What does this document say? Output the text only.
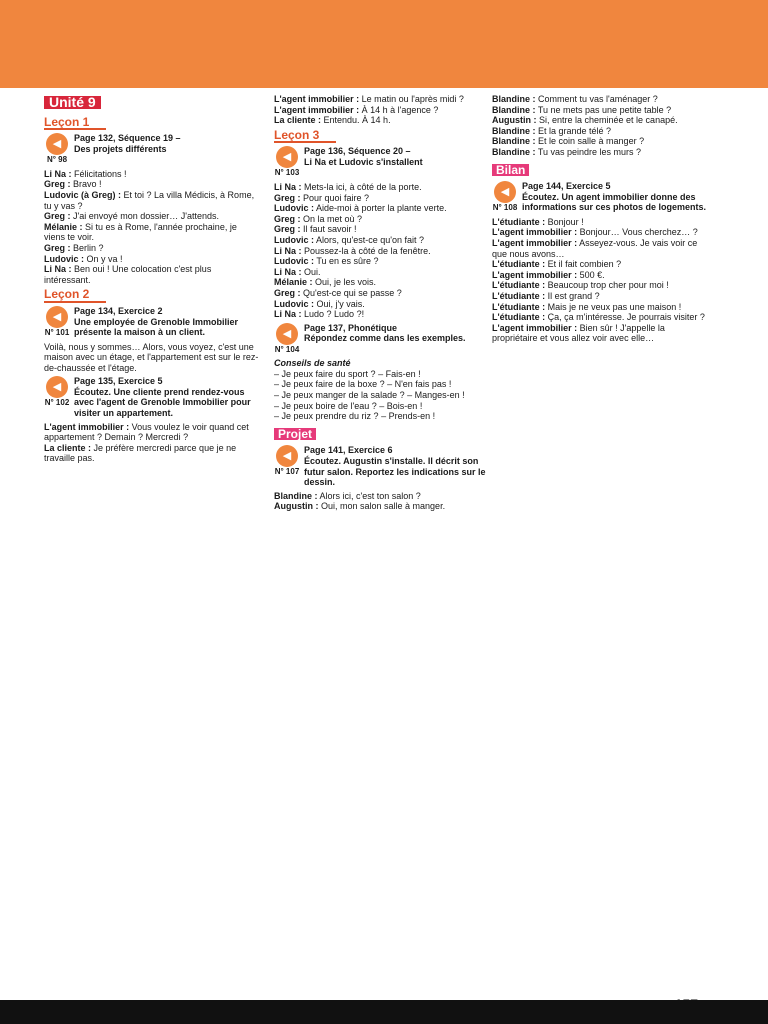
Unité 9
Leçon 1
◀
N° 98
Page 132, Séquence 19 –
Des projets différents
Li Na : Félicitations !
Greg : Bravo !
Ludovic (à Greg) : Et toi ? La villa Médicis, à Rome, tu y vas ?
Greg : J'ai envoyé mon dossier… J'attends.
Mélanie : Si tu es à Rome, l'année prochaine, je viens te voir.
Greg : Berlin ?
Ludovic : On y va !
Li Na : Ben oui ! Une colocation c'est plus intéressant.
Leçon 2
◀
N° 101
Page 134, Exercice 2
Une employée de Grenoble Immobilier présente la maison à un client.
Voilà, nous y sommes… Alors, vous voyez, c'est une maison avec un étage, et l'appartement est sur le rez-de-chaussée et l'étage.
◀
N° 102
Page 135, Exercice 5
Écoutez. Une cliente prend rendez-vous avec l'agent de Grenoble Immobilier pour visiter un appartement.
L'agent immobilier : Vous voulez le voir quand cet appartement ? Demain ? Mercredi ?
La cliente : Je préfère mercredi parce que je ne travaille pas.
L'agent immobilier : Le matin ou l'après midi ?
L'agent immobilier : À 14 h à l'agence ?
La cliente : Entendu. À 14 h.
Leçon 3
◀
N° 103
Page 136, Séquence 20 –
Li Na et Ludovic s'installent
Li Na : Mets-la ici, à côté de la porte.
Greg : Pour quoi faire ?
Ludovic : Aide-moi à porter la plante verte.
Greg : On la met où ?
Greg : Il faut savoir !
Ludovic : Alors, qu'est-ce qu'on fait ?
Li Na : Poussez-la à côté de la fenêtre.
Ludovic : Tu en es sûre ?
Li Na : Oui.
Mélanie : Oui, je les vois.
Greg : Qu'est-ce qui se passe ?
Ludovic : Oui, j'y vais.
Li Na : Ludo ? Ludo ?!
◀
N° 104
Page 137, Phonétique
Répondez comme dans les exemples.
Conseils de santé
– Je peux faire du sport ? – Fais-en !
– Je peux faire de la boxe ? – N'en fais pas !
– Je peux manger de la salade ? – Manges-en !
– Je peux boire de l'eau ? – Bois-en !
– Je peux prendre du riz ? – Prends-en !
Projet
◀
N° 107
Page 141, Exercice 6
Écoutez. Augustin s'installe. Il décrit son futur salon. Reportez les indications sur le dessin.
Blandine : Alors ici, c'est ton salon ?
Augustin : Oui, mon salon salle à manger.
Blandine : Comment tu vas l'aménager ?
Blandine : Tu ne mets pas une petite table ?
Augustin : Si, entre la cheminée et le canapé.
Blandine : Et la grande télé ?
Blandine : Et le coin salle à manger ?
Blandine : Tu vas peindre les murs ?
Bilan
◀
N° 108
Page 144, Exercice 5
Écoutez. Un agent immobilier donne des informations sur ces photos de logements.
L'étudiante : Bonjour !
L'agent immobilier : Bonjour… Vous cherchez… ?
L'agent immobilier : Asseyez-vous. Je vais voir ce que nous avons…
L'étudiante : Et il fait combien ?
L'agent immobilier : 500 €.
L'étudiante : Beaucoup trop cher pour moi !
L'étudiante : Il est grand ?
L'étudiante : Mais je ne veux pas une maison !
L'étudiante : Ça, ça m'intéresse. Je pourrais visiter ?
L'agent immobilier : Bien sûr ! J'appelle la propriétaire et vous allez voir avec elle…
